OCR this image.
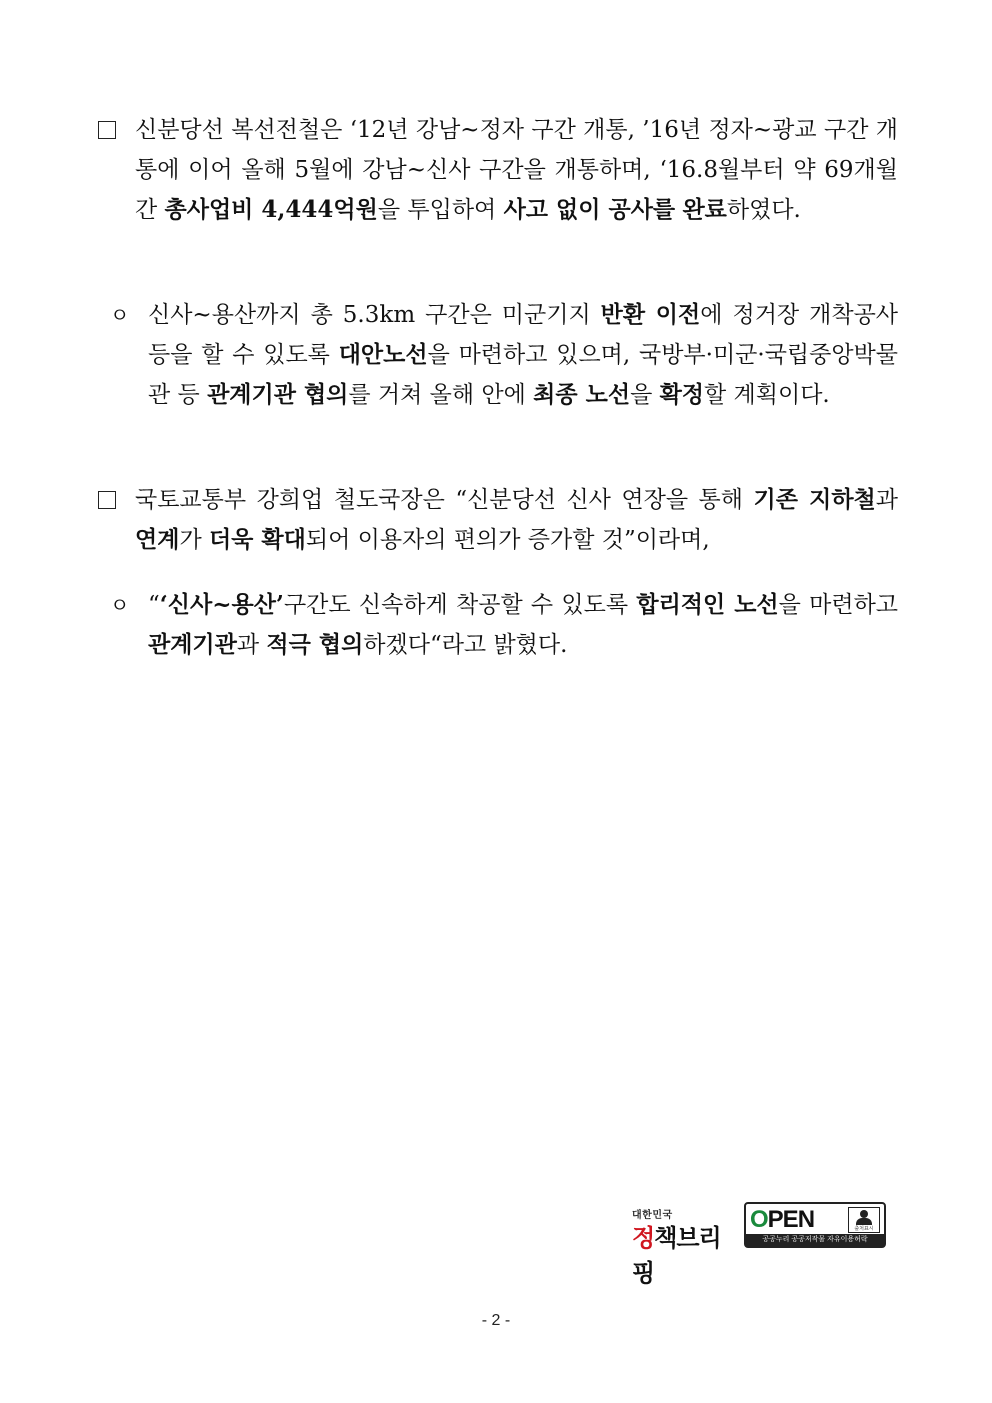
신분당선 복선전철은 ‘12년 강남~정자 구간 개통, ’16년 정자~광교 구간 개통에 이어 올해 5월에 강남~신사 구간을 개통하며, ‘16.8월부터 약 69개월간 총사업비 4,444억원을 투입하여 사고 없이 공사를 완료하였다.
ㅇ 신사~용산까지 총 5.3km 구간은 미군기지 반환 이전에 정거장 개착공사 등을 할 수 있도록 대안노선을 마련하고 있으며, 국방부·미군·국립중앙박물관 등 관계기관 협의를 거쳐 올해 안에 최종 노선을 확정할 계획이다.
국토교통부 강희업 철도국장은 “신분당선 신사 연장을 통해 기존 지하철과 연계가 더욱 확대되어 이용자의 편의가 증가할 것”이라며,
ㅇ “‘신사~용산’구간도 신속하게 착공할 수 있도록 합리적인 노선을 마련하고 관계기관과 적극 협의하겠다“라고 밝혔다.
대한민국
정책브리핑
OPEN	출처표시
공공누리 공공저작물 자유이용허락
- 2 -
